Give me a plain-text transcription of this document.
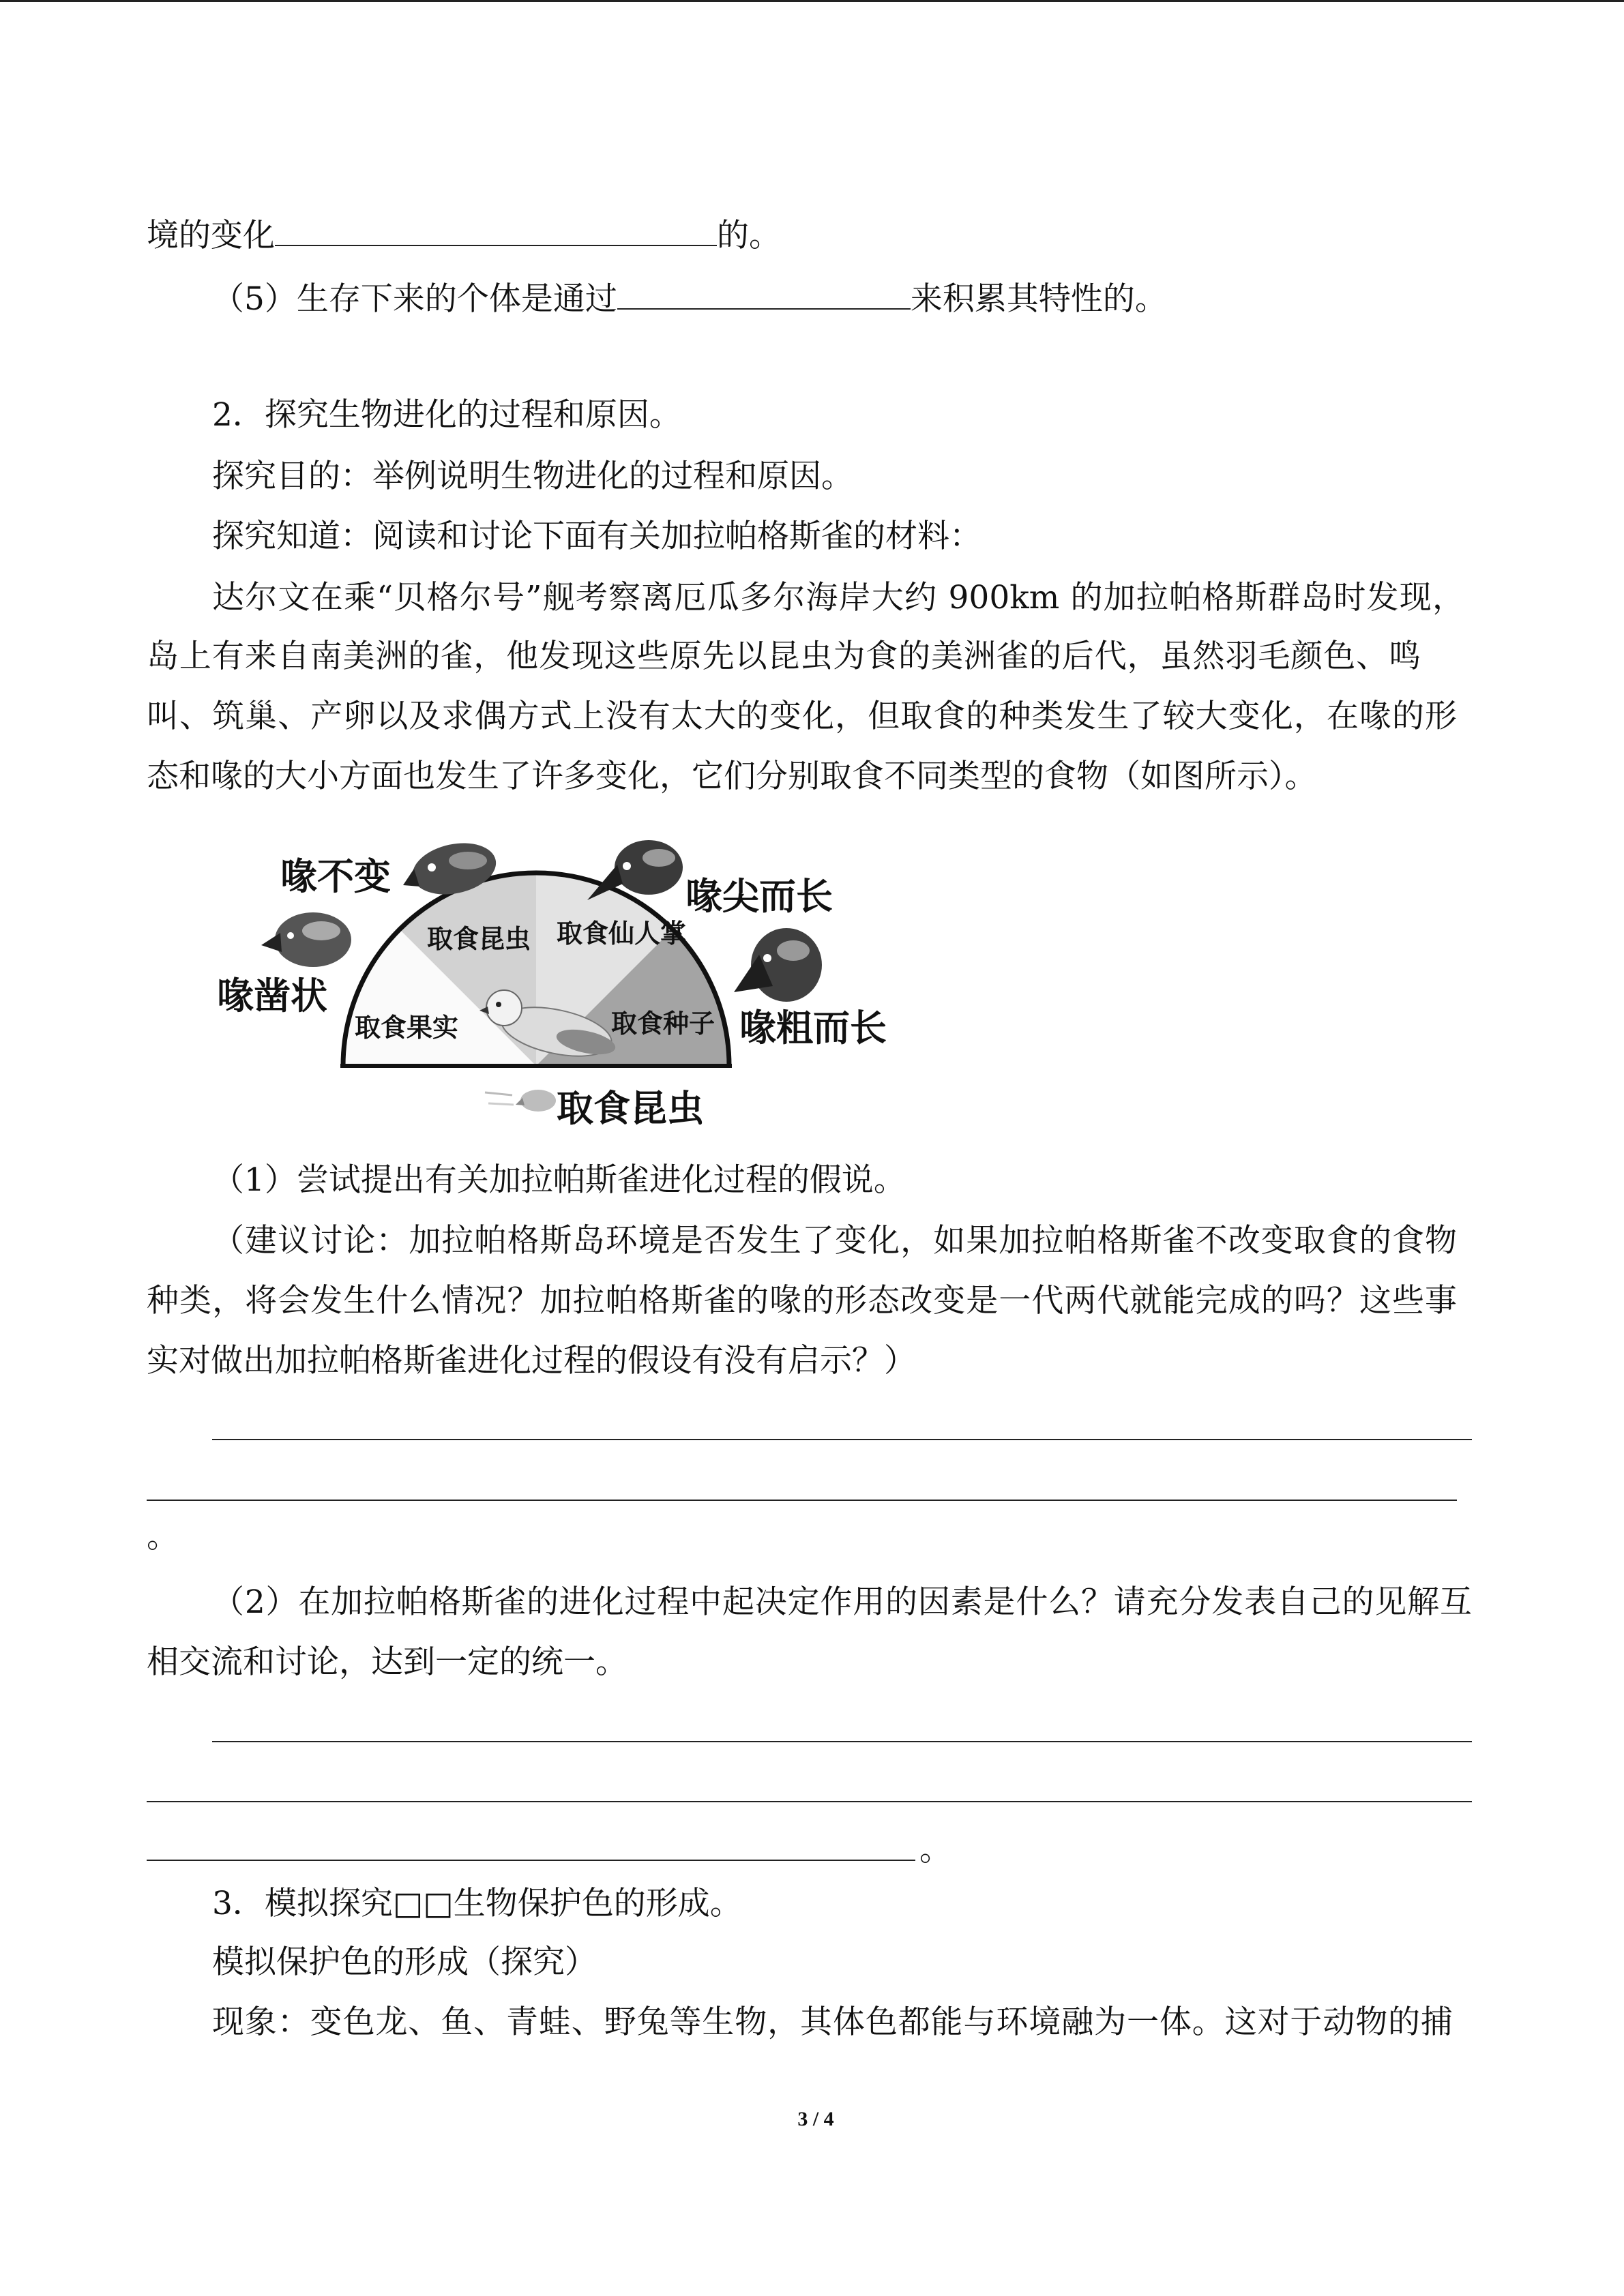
境的变化	的。
（5）生存下来的个体是通过	来积累其特性的。
2．探究生物进化的过程和原因。
探究目的：举例说明生物进化的过程和原因。
探究知道：阅读和讨论下面有关加拉帕格斯雀的材料：
达尔文在乘“贝格尔号”舰考察离厄瓜多尔海岸大约 900km 的加拉帕格斯群岛时发现，
岛上有来自南美洲的雀，他发现这些原先以昆虫为食的美洲雀的后代，虽然羽毛颜色、鸣
叫、筑巢、产卵以及求偶方式上没有太大的变化，但取食的种类发生了较大变化，在喙的形
态和喙的大小方面也发生了许多变化，它们分别取食不同类型的食物（如图所示）。
取食昆虫 取食仙人掌
取食果实	取食种子
喙不变	喙尖而长
喙凿状
喙粗而长
取食昆虫
（1）尝试提出有关加拉帕斯雀进化过程的假说。
（建议讨论：加拉帕格斯岛环境是否发生了变化，如果加拉帕格斯雀不改变取食的食物
种类，将会发生什么情况？加拉帕格斯雀的喙的形态改变是一代两代就能完成的吗？这些事
实对做出加拉帕格斯雀进化过程的假设有没有启示？）
。
（2）在加拉帕格斯雀的进化过程中起决定作用的因素是什么？请充分发表自己的见解互
相交流和讨论，达到一定的统一。
。
3．模拟探究□□生物保护色的形成。
模拟保护色的形成（探究）
现象：变色龙、鱼、青蛙、野兔等生物，其体色都能与环境融为一体。这对于动物的捕
3 / 4
